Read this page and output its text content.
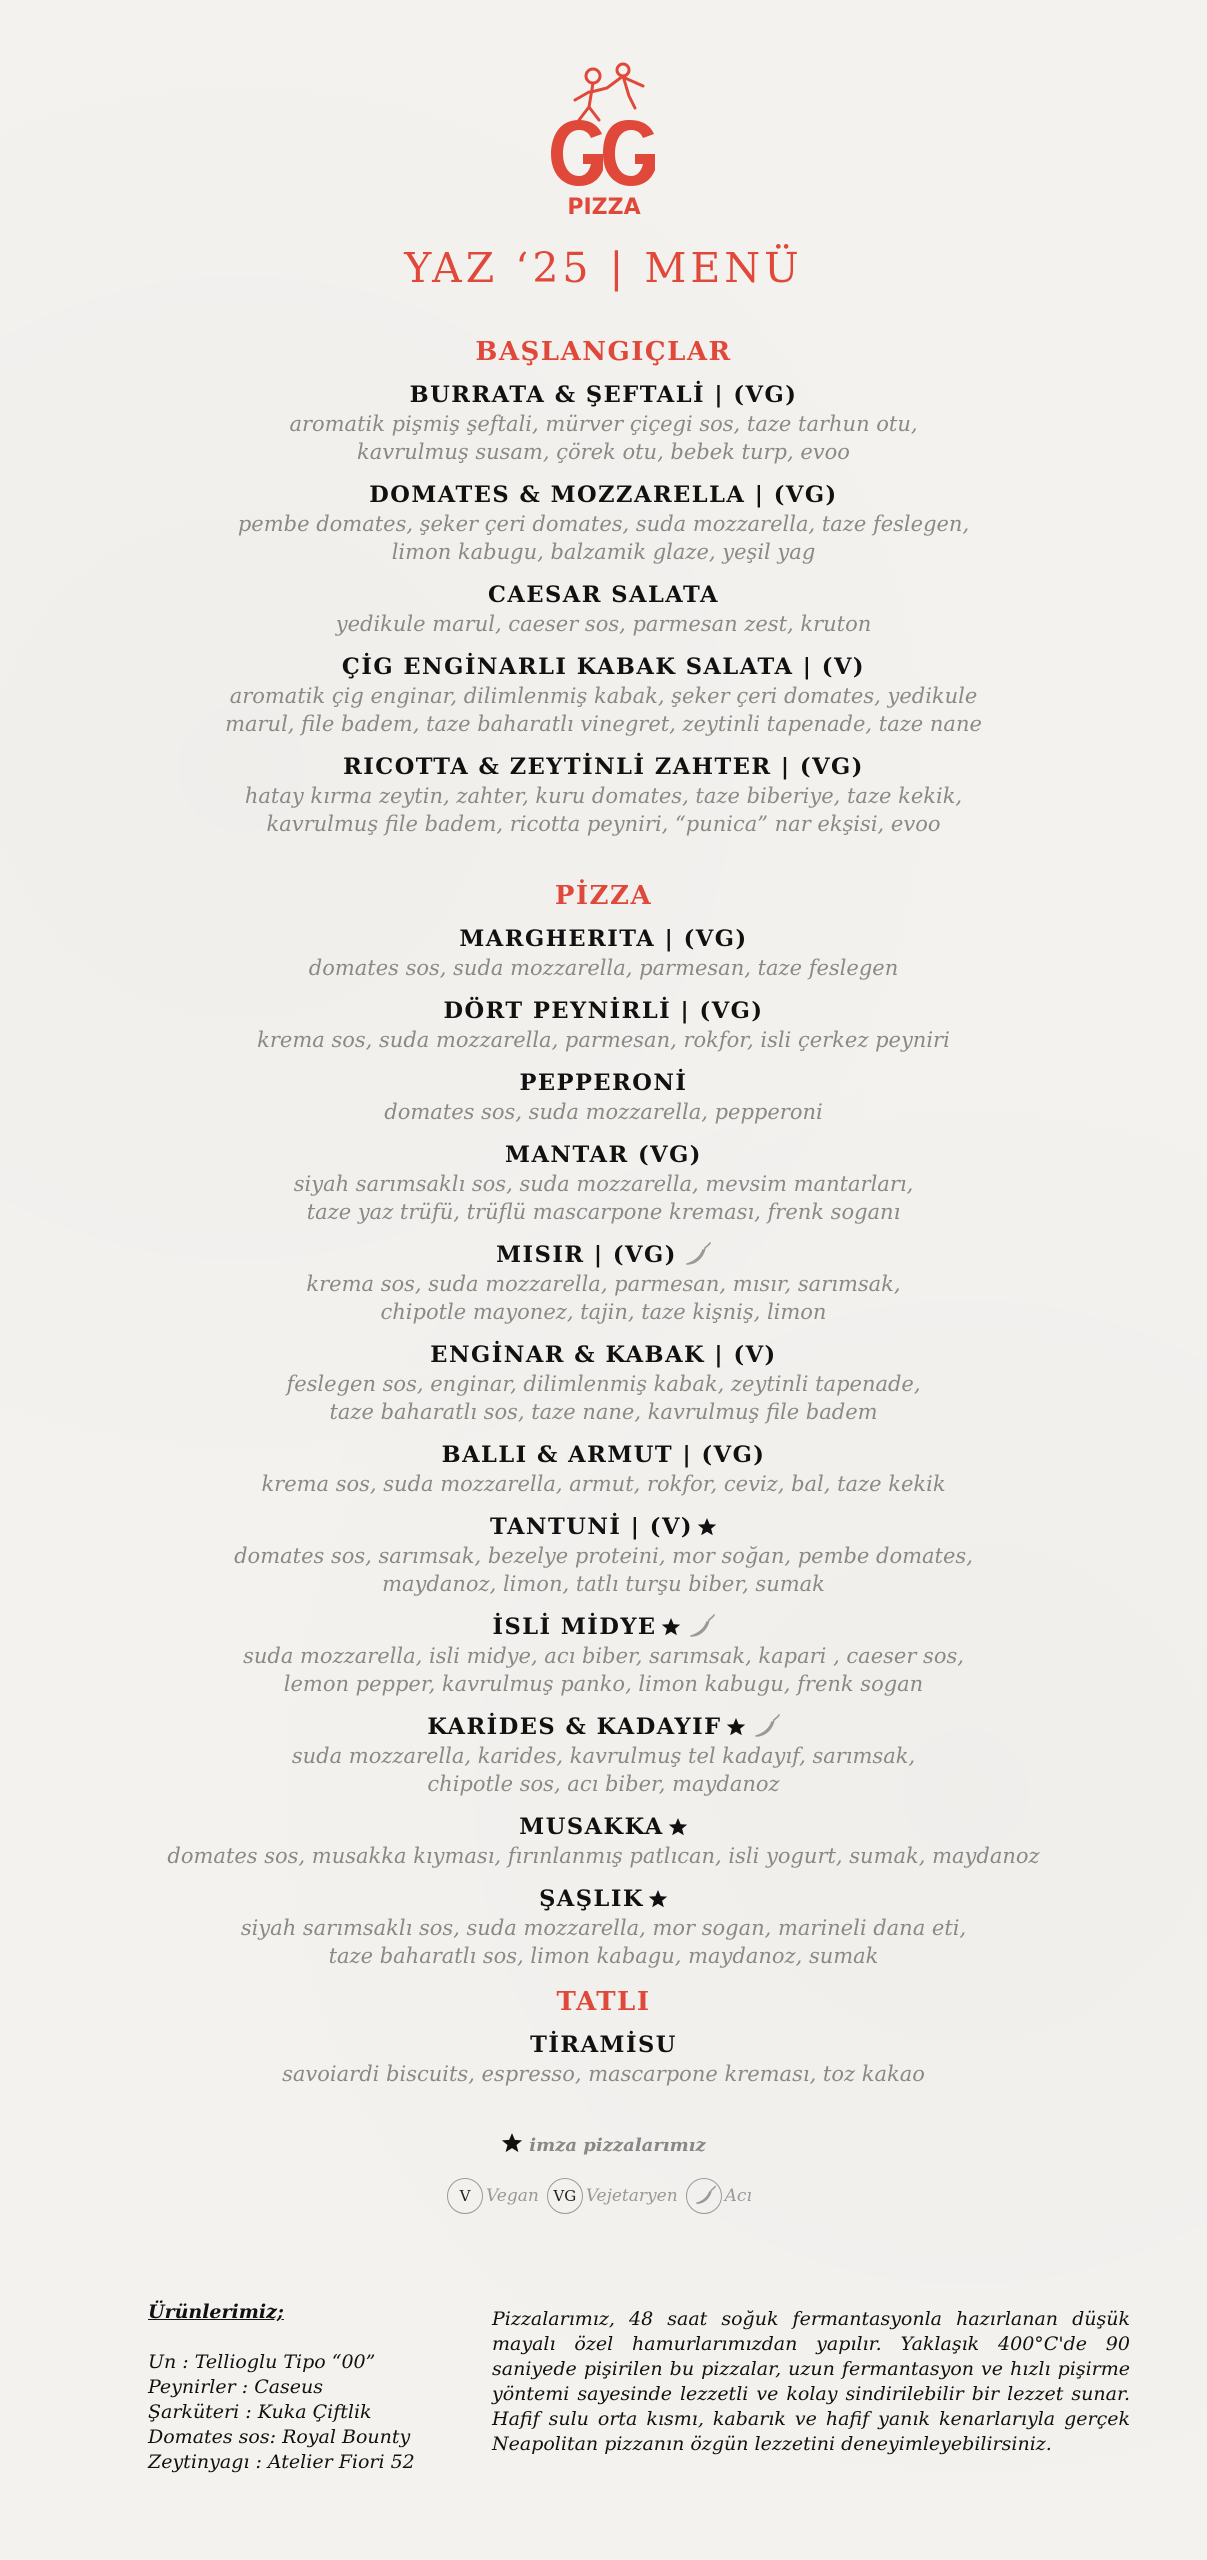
PIZZA
YAZ ‘25 | MENÜ
BAŞLANGIÇLAR
BURRATA & ŞEFTALİ | (VG)
aromatik pişmiş şeftali, mürver çiçegi sos, taze tarhun otu,
kavrulmuş susam, çörek otu, bebek turp, evoo
DOMATES & MOZZARELLA | (VG)
pembe domates, şeker çeri domates, suda mozzarella, taze feslegen,
limon kabugu, balzamik glaze, yeşil yag
CAESAR SALATA
yedikule marul, caeser sos, parmesan zest, kruton
ÇİG ENGİNARLI KABAK SALATA | (V)
aromatik çig enginar, dilimlenmiş kabak, şeker çeri domates, yedikule
marul, file badem, taze baharatlı vinegret, zeytinli tapenade, taze nane
RICOTTA & ZEYTİNLİ ZAHTER | (VG)
hatay kırma zeytin, zahter, kuru domates, taze biberiye, taze kekik,
kavrulmuş file badem, ricotta peyniri, “punica” nar ekşisi, evoo
PİZZA
MARGHERITA | (VG)
domates sos, suda mozzarella, parmesan, taze feslegen
DÖRT PEYNİRLİ | (VG)
krema sos, suda mozzarella, parmesan, rokfor, isli çerkez peyniri
PEPPERONİ
domates sos, suda mozzarella, pepperoni
MANTAR (VG)
siyah sarımsaklı sos, suda mozzarella, mevsim mantarları,
taze yaz trüfü, trüflü mascarpone kreması, frenk soganı
MISIR | (VG)
krema sos, suda mozzarella, parmesan, mısır, sarımsak,
chipotle mayonez, tajin, taze kişniş, limon
ENGİNAR & KABAK | (V)
feslegen sos, enginar, dilimlenmiş kabak, zeytinli tapenade,
taze baharatlı sos, taze nane, kavrulmuş file badem
BALLI & ARMUT | (VG)
krema sos, suda mozzarella, armut, rokfor, ceviz, bal, taze kekik
TANTUNİ | (V)
domates sos, sarımsak, bezelye proteini, mor soğan, pembe domates,
maydanoz, limon, tatlı turşu biber, sumak
İSLİ MİDYE
suda mozzarella, isli midye, acı biber, sarımsak, kapari , caeser sos,
lemon pepper, kavrulmuş panko, limon kabugu, frenk sogan
KARİDES & KADAYIF
suda mozzarella, karides, kavrulmuş tel kadayıf, sarımsak,
chipotle sos, acı biber, maydanoz
MUSAKKA
domates sos, musakka kıyması, fırınlanmış patlıcan, isli yogurt, sumak, maydanoz
ŞAŞLIK
siyah sarımsaklı sos, suda mozzarella, mor sogan, marineli dana eti,
taze baharatlı sos, limon kabagu, maydanoz, sumak
TATLI
TİRAMİSU
savoiardi biscuits, espresso, mascarpone kreması, toz kakao
imza pizzalarımız
V Vegan VG Vejetaryen	Acı
Ürünlerimiz;
Un : Tellioglu Tipo “00”
Peynirler : Caseus
Şarküteri : Kuka Çiftlik
Domates sos: Royal Bounty
Zeytinyagı : Atelier Fiori 52
Pizzalarımız, 48 saat soğuk fermantasyonla hazırlanan düşük mayalı özel hamurlarımızdan yapılır. Yaklaşık 400°C'de 90 saniyede pişirilen bu pizzalar, uzun fermantasyon ve hızlı pişirme yöntemi sayesinde lezzetli ve kolay sindirilebilir bir lezzet sunar. Hafif sulu orta kısmı, kabarık ve hafif yanık kenarlarıyla gerçek Neapolitan pizzanın özgün lezzetini deneyimleyebilirsiniz.
